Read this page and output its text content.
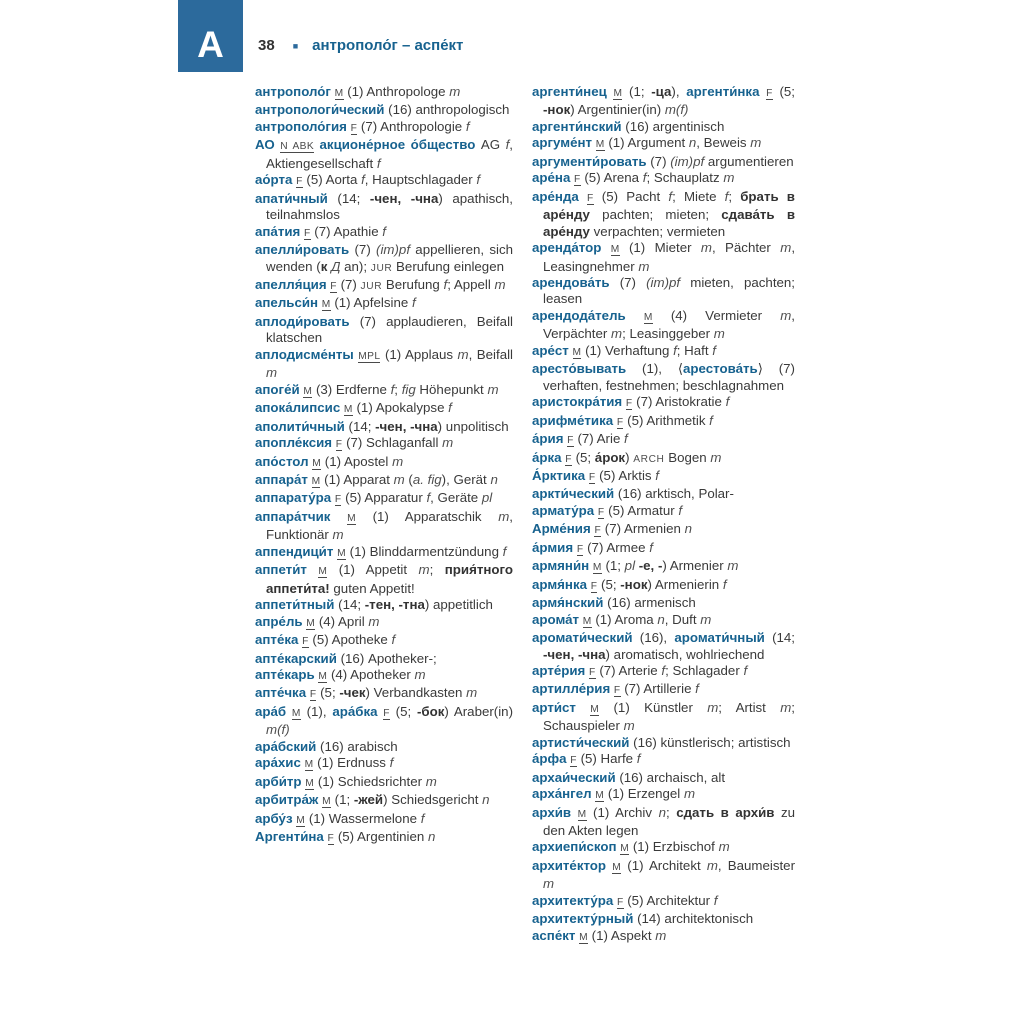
A 38 ■ антрополо́г – аспе́кт

антрополо́г M (1) Anthropologe m

антропологи́ческий (16) anthropologisch

антрополо́гия F (7) Anthropologie f

АО N ABK акционе́рное о́бщество AG f, Aktiengesellschaft f

ао́рта F (5) Aorta f, Hauptschlagader f

апати́чный (14; -чен, -чна) apathisch, teilnahmslos

апа́тия F (7) Apathie f

апелли́ровать (7) (im)pf appellieren, sich wenden (к Д an); JUR Berufung einlegen

апелля́ция F (7) JUR Berufung f; Appell m

апельси́н M (1) Apfelsine f

аплоди́ровать (7) applaudieren, Beifall klatschen

аплодисме́нты MPL (1) Applaus m, Beifall m

апоге́й M (3) Erdferne f; fig Höhepunkt m

апока́липсис M (1) Apokalypse f

аполити́чный (14; -чен, -чна) unpolitisch

апопле́ксия F (7) Schlaganfall m

апо́стол M (1) Apostel m

аппара́т M (1) Apparat m (a. fig), Gerät n

аппарату́ра F (5) Apparatur f, Geräte pl

аппара́тчик M (1) Apparatschik m, Funktionär m

аппендици́т M (1) Blinddarmentzündung f

аппети́т M (1) Appetit m; прия́тного аппети́та! guten Appetit!

аппети́тный (14; -тен, -тна) appetitlich

апре́ль M (4) April m

апте́ка F (5) Apotheke f

апте́карский (16) Apotheker-;

апте́карь M (4) Apotheker m

апте́чка F (5; -чек) Verbandkasten m

ара́б M (1), ара́бка F (5; -бок) Araber(in) m(f)

ара́бский (16) arabisch

ара́хис M (1) Erdnuss f

арби́тр M (1) Schiedsrichter m

арбитра́ж M (1; -жей) Schiedsgericht n

арбу́з M (1) Wassermelone f

Аргенти́на F (5) Argentinien n

аргенти́нец M (1; -ца), аргенти́нка F (5; -нок) Argentinier(in) m(f)

аргенти́нский (16) argentinisch

аргуме́нт M (1) Argument n, Beweis m

аргументи́ровать (7) (im)pf argumentieren

аре́на F (5) Arena f; Schauplatz m

аре́нда F (5) Pacht f; Miete f; брать в аре́нду pachten; mieten; сдава́ть в аре́нду verpachten; vermieten

аренда́тор M (1) Mieter m, Pächter m, Leasingnehmer m

арендова́ть (7) (im)pf mieten, pachten; leasen

арендода́тель M (4) Vermieter m, Verpächter m; Leasinggeber m

аре́ст M (1) Verhaftung f; Haft f

аресто́вывать (1), ⟨арестова́ть⟩ (7) verhaften, festnehmen; beschlagnahmen

аристокра́тия F (7) Aristokratie f

арифме́тика F (5) Arithmetik f

а́рия F (7) Arie f

а́рка F (5; а́рок) ARCH Bogen m

А́рктика F (5) Arktis f

аркти́ческий (16) arktisch, Polar-

армату́ра F (5) Armatur f

Арме́ния F (7) Armenien n

а́рмия F (7) Armee f

армяни́н M (1; pl -е, -) Armenier m

армя́нка F (5; -нок) Armenierin f

армя́нский (16) armenisch

арома́т M (1) Aroma n, Duft m

аромати́ческий (16), аромати́чный (14; -чен, -чна) aromatisch, wohlriechend

арте́рия F (7) Arterie f; Schlagader f

артилле́рия F (7) Artillerie f

арти́ст M (1) Künstler m; Artist m; Schauspieler m

артисти́ческий (16) künstlerisch; artistisch

а́рфа F (5) Harfe f

архаи́ческий (16) archaisch, alt

арха́нгел M (1) Erzengel m

архи́в M (1) Archiv n; сдать в архи́в zu den Akten legen

архиепи́скоп M (1) Erzbischof m

архите́ктор M (1) Architekt m, Baumeister m

архитекту́ра F (5) Architektur f

архитекту́рный (14) architektonisch

аспе́кт M (1) Aspekt m
